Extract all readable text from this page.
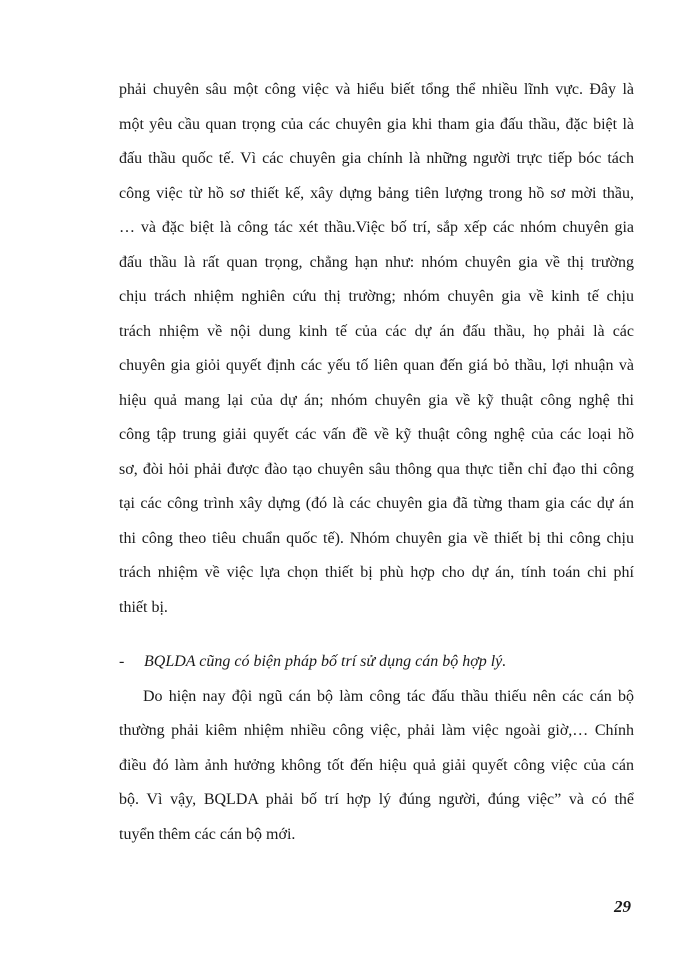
phải chuyên sâu một công việc và hiểu biết tổng thể nhiều lĩnh vực. Đây là
một yêu cầu quan trọng của các chuyên gia khi tham gia đấu thầu, đặc biệt là
đấu thầu quốc tế. Vì các chuyên gia chính là những người trực tiếp bóc tách
công việc từ hồ sơ thiết kế, xây dựng bảng tiên lượng trong hồ sơ mời thầu,
… và đặc biệt là công tác xét thầu.Việc bố trí, sắp xếp các nhóm chuyên gia
đấu thầu là rất quan trọng, chẳng hạn như: nhóm chuyên gia về thị trường
chịu trách nhiệm nghiên cứu thị trường; nhóm chuyên gia về kinh tế chịu
trách nhiệm về nội dung kinh tế của các dự án đấu thầu, họ phải là các
chuyên gia giỏi quyết định các yếu tố liên quan đến giá bỏ thầu, lợi nhuận và
hiệu quả mang lại của dự án; nhóm chuyên gia về kỹ thuật công nghệ thi
công tập trung giải quyết các vấn đề về kỹ thuật công nghệ của các loại hồ
sơ, đòi hỏi phải được đào tạo chuyên sâu thông qua thực tiễn chỉ đạo thi công
tại các công trình xây dựng (đó là các chuyên gia đã từng tham gia các dự án
thi công theo tiêu chuẩn quốc tế). Nhóm chuyên gia về thiết bị thi công chịu
trách nhiệm về việc lựa chọn thiết bị phù hợp cho dự án, tính toán chi phí
thiết bị.
- BQLDA cũng có biện pháp bố trí sử dụng cán bộ hợp lý.
Do hiện nay đội ngũ cán bộ làm công tác đấu thầu thiếu nên các cán bộ
thường phải kiêm nhiệm nhiều công việc, phải làm việc ngoài giờ,… Chính
điều đó làm ảnh hưởng không tốt đến hiệu quả giải quyết công việc của cán
bộ. Vì vậy, BQLDA phải bố trí hợp lý đúng người, đúng việc” và có thể
tuyển thêm các cán bộ mới.
29
